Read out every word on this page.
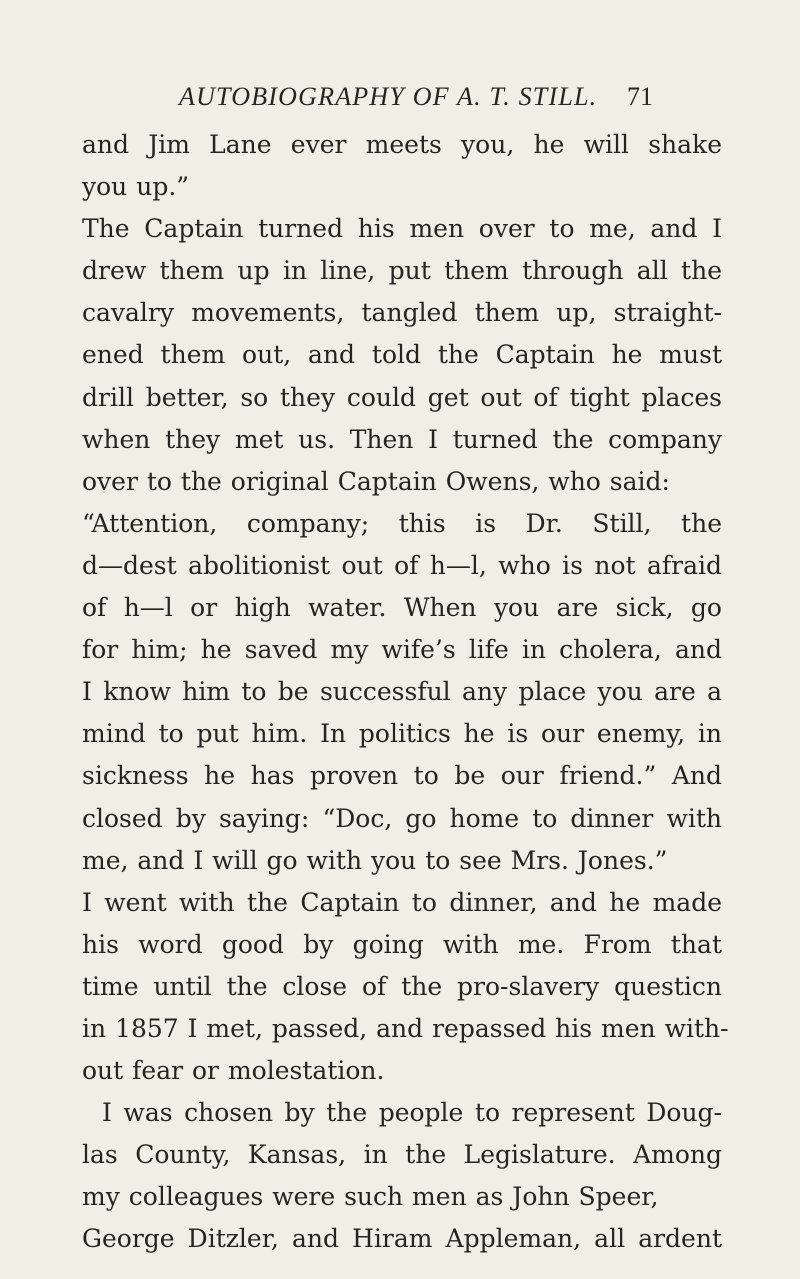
AUTOBIOGRAPHY OF A. T. STILL. 71
and Jim Lane ever meets you, he will shake
you up.”
The Captain turned his men over to me, and I
drew them up in line, put them through all the
cavalry movements, tangled them up, straight-
ened them out, and told the Captain he must
drill better, so they could get out of tight places
when they met us. Then I turned the company
over to the original Captain Owens, who said:
“Attention, company; this is Dr. Still, the
d—dest abolitionist out of h—l, who is not afraid
of h—l or high water. When you are sick, go
for him; he saved my wife’s life in cholera, and
I know him to be successful any place you are a
mind to put him. In politics he is our enemy, in
sickness he has proven to be our friend.” And
closed by saying: “Doc, go home to dinner with
me, and I will go with you to see Mrs. Jones.”
I went with the Captain to dinner, and he made
his word good by going with me. From that
time until the close of the pro-slavery questicn
in 1857 I met, passed, and repassed his men with-
out fear or molestation.
I was chosen by the people to represent Doug-
las County, Kansas, in the Legislature. Among
my colleagues were such men as John Speer,
George Ditzler, and Hiram Appleman, all ardent
